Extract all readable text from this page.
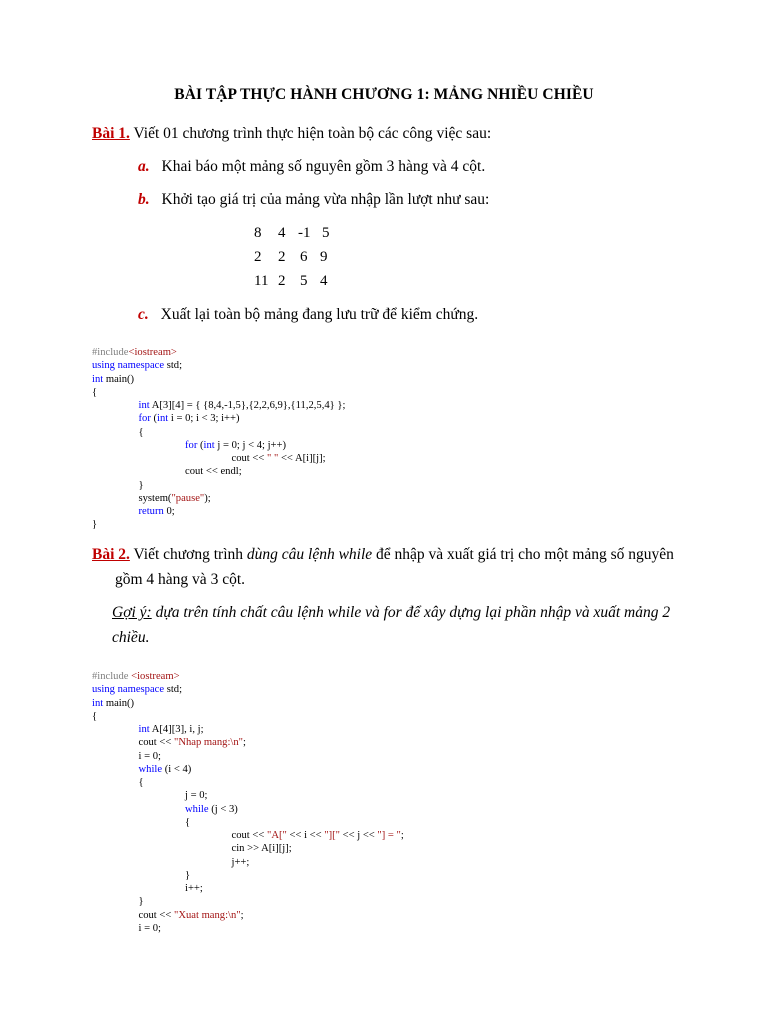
BÀI TẬP THỰC HÀNH CHƯƠNG 1: MẢNG NHIỀU CHIỀU
Bài 1. Viết 01 chương trình thực hiện toàn bộ các công việc sau:
a. Khai báo một mảng số nguyên gồm 3 hàng và 4 cột.
b. Khởi tạo giá trị của mảng vừa nhập lần lượt như sau:
8 4 -1 5
2 2 6 9
11 2 5 4
c. Xuất lại toàn bộ mảng đang lưu trữ để kiểm chứng.
#include<iostream>
using namespace std;
int main()
{
int A[3][4] = { {8,4,-1,5},{2,2,6,9},{11,2,5,4} };
for (int i = 0; i < 3; i++)
{
for (int j = 0; j < 4; j++)
cout << " " << A[i][j];
cout << endl;
}
system("pause");
return 0;
}
Bài 2. Viết chương trình dùng câu lệnh while để nhập và xuất giá trị cho một mảng số nguyên
gồm 4 hàng và 3 cột.
Gợi ý: dựa trên tính chất câu lệnh while và for để xây dựng lại phần nhập và xuất mảng 2
chiều.
#include <iostream>
using namespace std;
int main()
{
int A[4][3], i, j;
cout << "Nhap mang:\n";
i = 0;
while (i < 4)
{
j = 0;
while (j < 3)
{
cout << "A[" << i << "][" << j << "] = ";
cin >> A[i][j];
j++;
}
i++;
}
cout << "Xuat mang:\n";
i = 0;
